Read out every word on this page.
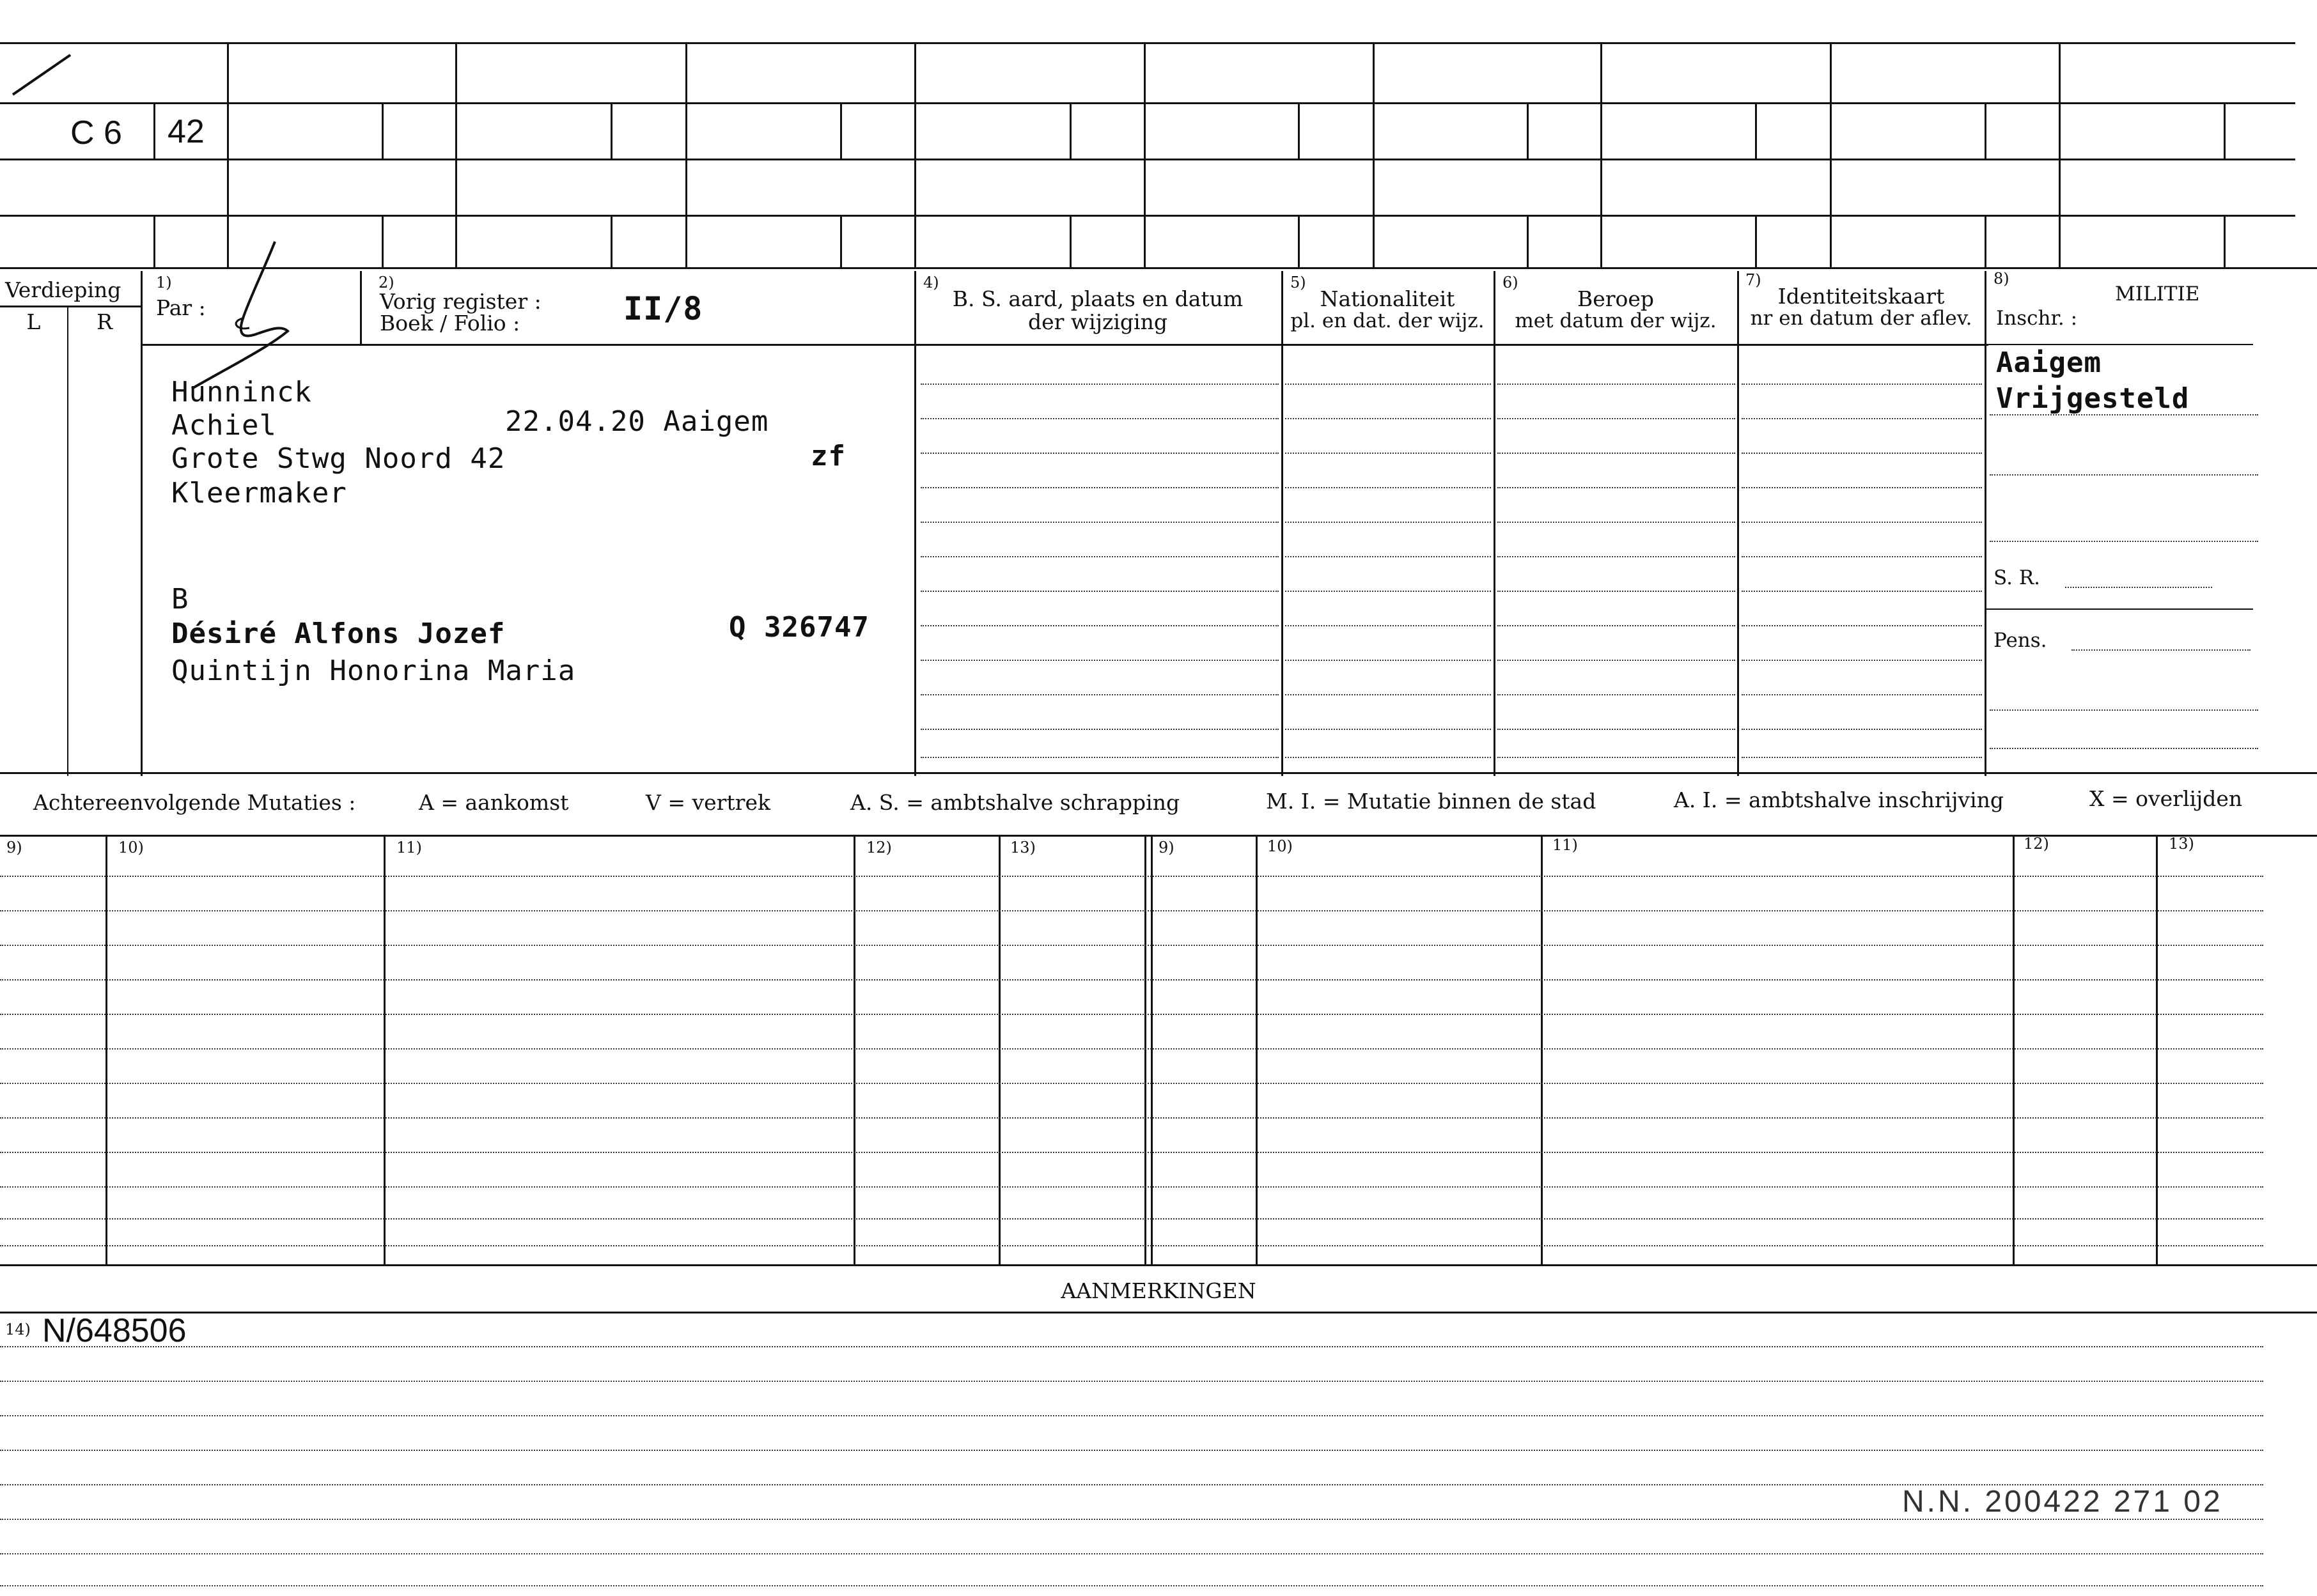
C 6 42
Verdieping
L	R
1)
Par :
2)
Vorig register :
Boek / Folio :	II/8
4)
B. S. aard, plaats en datum
der wijziging
5)
Nationaliteit
pl. en dat. der wijz.
6)
Beroep
met datum der wijz.
7)
Identiteitskaart
nr en datum der aflev.
8)
MILITIE
Inschr. :
Hunninck
Achiel	22.04.20 Aaigem
Grote Stwg Noord 42	zf
Kleermaker
B
Désiré Alfons Jozef	Q 326747
Quintijn Honorina Maria
Aaigem
Vrijgesteld
S. R.
Pens.
Achtereenvolgende Mutaties :	A = aankomst	V = vertrek	A. S. = ambtshalve schrapping	M. I. = Mutatie binnen de stad	A. I. = ambtshalve inschrijving	X = overlijden
9)	10)	11)	12)	13)	9)	10)	11)	12)	13)
AANMERKINGEN
14) N/648506
N.N. 200422 271 02
